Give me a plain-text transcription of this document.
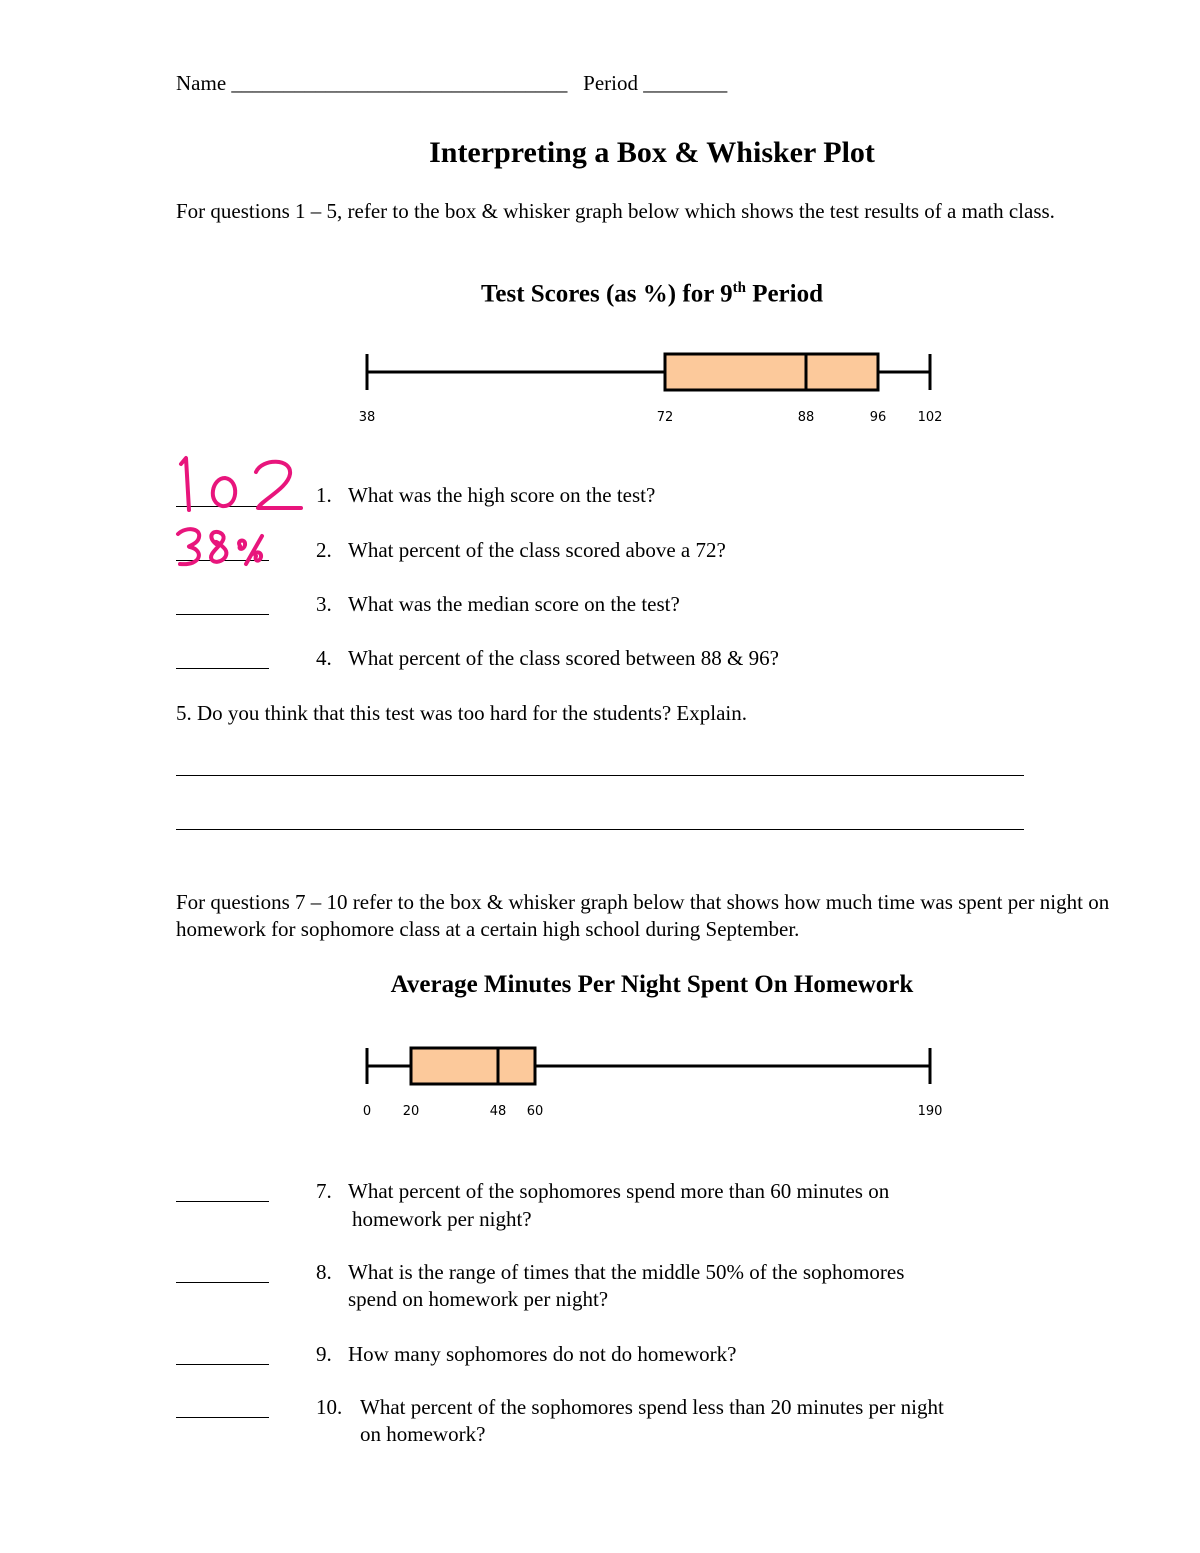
Name ________________________________ Period ________
Interpreting a Box & Whisker Plot
For questions 1 – 5, refer to the box & whisker graph below which shows the test results of a math class.
Test Scores (as %) for 9th Period
38	72	88	96 102
1. What was the high score on the test?
2. What percent of the class scored above a 72?
3. What was the median score on the test?
4. What percent of the class scored between 88 & 96?
5. Do you think that this test was too hard for the students? Explain.
For questions 7 – 10 refer to the box & whisker graph below that shows how much time was spent per night on homework for sophomore class at a certain high school during September.
Average Minutes Per Night Spent On Homework
0 20	48 60	190
7. What percent of the sophomores spend more than 60 minutes on
homework per night?
8. What is the range of times that the middle 50% of the sophomores
spend on homework per night?
9. How many sophomores do not do homework?
10. What percent of the sophomores spend less than 20 minutes per night
on homework?
